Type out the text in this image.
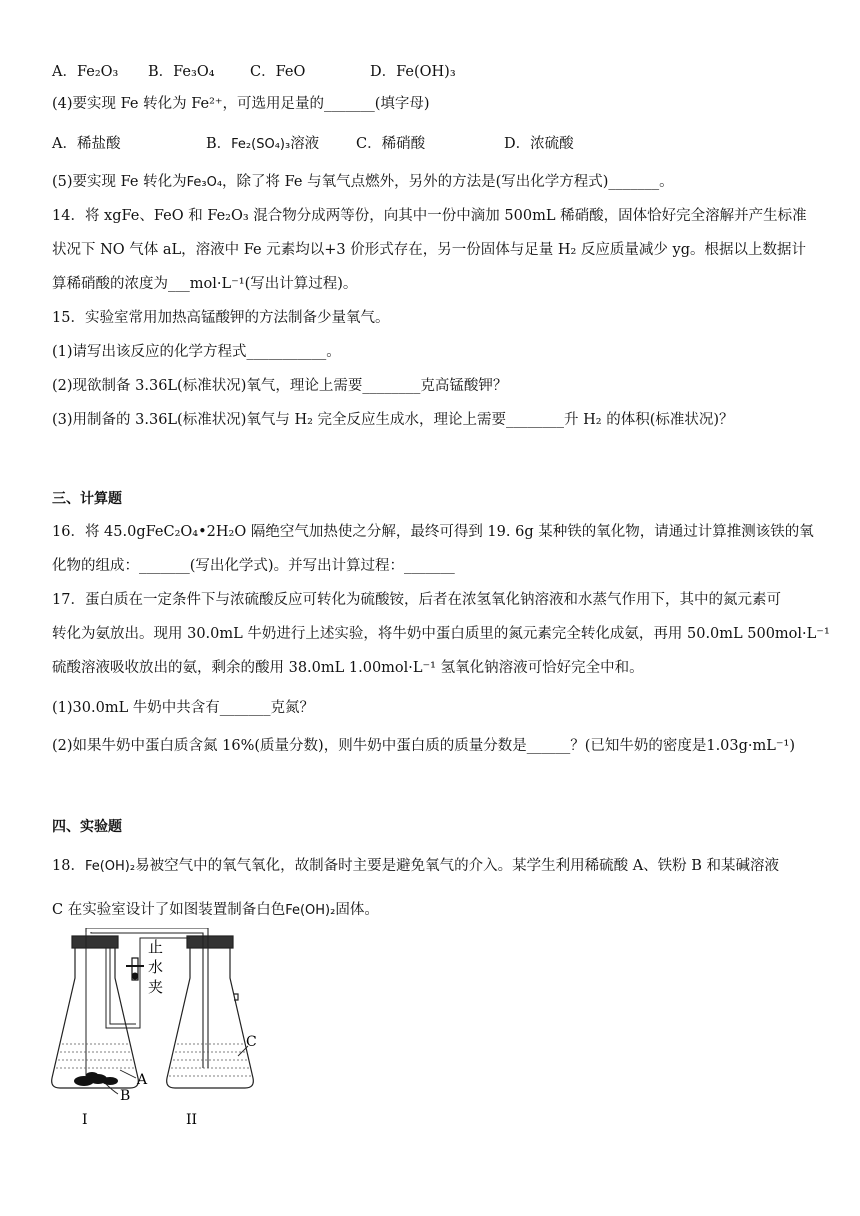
A．Fe₂O₃ B．Fe₃O₄ C．FeO	D．Fe(OH)₃
(4)要实现 Fe 转化为 Fe²⁺，可选用足量的_______(填字母)
A．稀盐酸	B．Fe₂(SO₄)₃溶液	C．稀硝酸	D．浓硫酸
(5)要实现 Fe 转化为Fe₃O₄，除了将 Fe 与氧气点燃外，另外的方法是(写出化学方程式)_______。
14．将 xgFe、FeO 和 Fe₂O₃ 混合物分成两等份，向其中一份中滴加 500mL 稀硝酸，固体恰好完全溶解并产生标准
状况下 NO 气体 aL，溶液中 Fe 元素均以+3 价形式存在，另一份固体与足量 H₂ 反应质量减少 yg。根据以上数据计
算稀硝酸的浓度为___mol·L⁻¹(写出计算过程)。
15．实验室常用加热高锰酸钾的方法制备少量氧气。
(1)请写出该反应的化学方程式___________。
(2)现欲制备 3.36L(标准状况)氧气，理论上需要________克高锰酸钾？
(3)用制备的 3.36L(标准状况)氧气与 H₂ 完全反应生成水，理论上需要________升 H₂ 的体积(标准状况)？
三、计算题
16．将 45.0gFeC₂O₄•2H₂O 隔绝空气加热使之分解，最终可得到 19. 6g 某种铁的氧化物，请通过计算推测该铁的氧
化物的组成：_______(写出化学式)。并写出计算过程：_______
17．蛋白质在一定条件下与浓硫酸反应可转化为硫酸铵，后者在浓氢氧化钠溶液和水蒸气作用下，其中的氮元素可
转化为氨放出。现用 30.0mL 牛奶进行上述实验，将牛奶中蛋白质里的氮元素完全转化成氨，再用 50.0mL 500mol·L⁻¹
硫酸溶液吸收放出的氨，剩余的酸用 38.0mL 1.00mol·L⁻¹ 氢氧化钠溶液可恰好完全中和。
(1)30.0mL 牛奶中共含有_______克氮？
(2)如果牛奶中蛋白质含氮 16%(质量分数)，则牛奶中蛋白质的质量分数是______？(已知牛奶的密度是1.03g·mL⁻¹)
四、实验题
18．Fe(OH)₂易被空气中的氧气氧化，故制备时主要是避免氧气的介入。某学生利用稀硫酸 A、铁粉 B 和某碱溶液
C 在实验室设计了如图装置制备白色Fe(OH)₂固体。
止
水
夹
A
B
C
I	II
